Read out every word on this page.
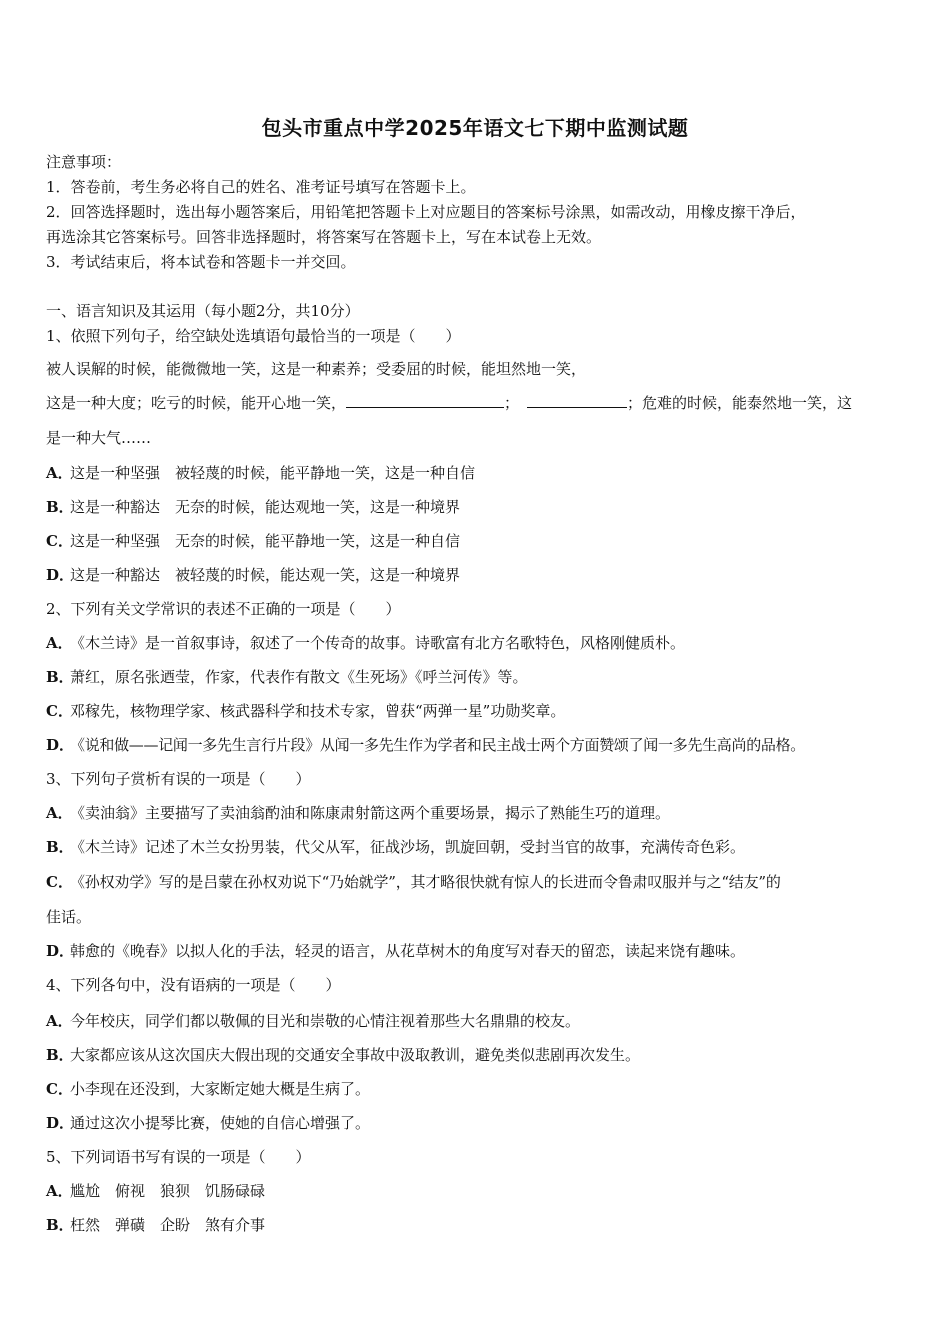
包头市重点中学2025年语文七下期中监测试题
注意事项：
1．答卷前，考生务必将自己的姓名、准考证号填写在答题卡上。
2．回答选择题时，选出每小题答案后，用铅笔把答题卡上对应题目的答案标号涂黑，如需改动，用橡皮擦干净后，
再选涂其它答案标号。回答非选择题时，将答案写在答题卡上，写在本试卷上无效。
3．考试结束后，将本试卷和答题卡一并交回。
一、语言知识及其运用（每小题2分，共10分）
1、依照下列句子，给空缺处选填语句最恰当的一项是（　　）
被人误解的时候，能微微地一笑，这是一种素养；受委屈的时候，能坦然地一笑，
这是一种大度；吃亏的时候，能开心地一笑，	；	；危难的时候，能泰然地一笑，这
是一种大气……
A．这是一种坚强　被轻蔑的时候，能平静地一笑，这是一种自信
B．这是一种豁达　无奈的时候，能达观地一笑，这是一种境界
C．这是一种坚强　无奈的时候，能平静地一笑，这是一种自信
D．这是一种豁达　被轻蔑的时候，能达观一笑，这是一种境界
2、下列有关文学常识的表述不正确的一项是（　　）
A．《木兰诗》是一首叙事诗，叙述了一个传奇的故事。诗歌富有北方名歌特色，风格刚健质朴。
B．萧红，原名张迺莹，作家，代表作有散文《生死场》《呼兰河传》等。
C．邓稼先，核物理学家、核武器科学和技术专家，曾获“两弹一星”功勋奖章。
D．《说和做——记闻一多先生言行片段》从闻一多先生作为学者和民主战士两个方面赞颂了闻一多先生高尚的品格。
3、下列句子赏析有误的一项是（　　）
A．《卖油翁》主要描写了卖油翁酌油和陈康肃射箭这两个重要场景，揭示了熟能生巧的道理。
B．《木兰诗》记述了木兰女扮男装，代父从军，征战沙场，凯旋回朝，受封当官的故事，充满传奇色彩。
C．《孙权劝学》写的是吕蒙在孙权劝说下“乃始就学”，其才略很快就有惊人的长进而令鲁肃叹服并与之“结友”的
佳话。
D．韩愈的《晚春》以拟人化的手法，轻灵的语言，从花草树木的角度写对春天的留恋，读起来饶有趣味。
4、下列各句中，没有语病的一项是（　　）
A．今年校庆，同学们都以敬佩的目光和崇敬的心情注视着那些大名鼎鼎的校友。
B．大家都应该从这次国庆大假出现的交通安全事故中汲取教训，避免类似悲剧再次发生。
C．小李现在还没到，大家断定她大概是生病了。
D．通过这次小提琴比赛，使她的自信心增强了。
5、下列词语书写有误的一项是（　　）
A．尴尬　俯视　狼狈　饥肠碌碌
B．枉然　弹磺　企盼　煞有介事
